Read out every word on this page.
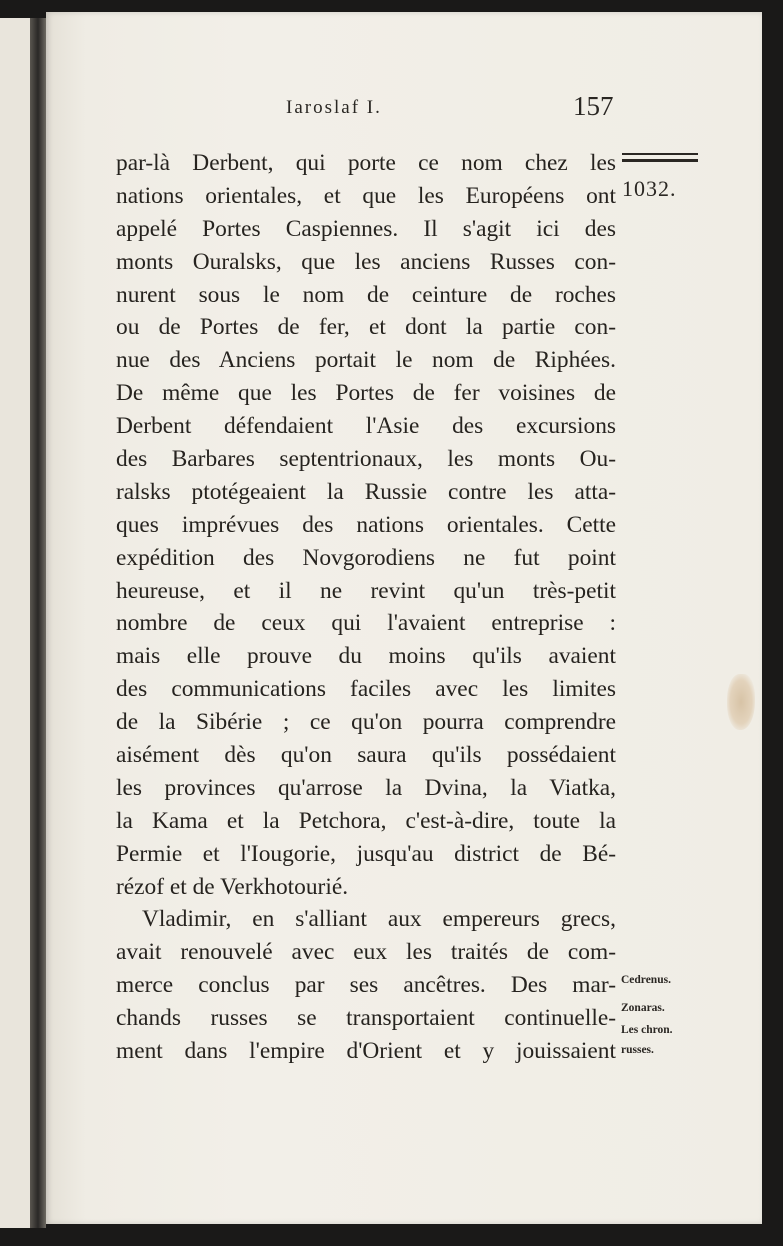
Iaroslaf I.	157
1032.
par-là Derbent, qui porte ce nom chez les
nations orientales, et que les Européens ont
appelé Portes Caspiennes. Il s'agit ici des
monts Ouralsks, que les anciens Russes con-
nurent sous le nom de ceinture de roches
ou de Portes de fer, et dont la partie con-
nue des Anciens portait le nom de Riphées.
De même que les Portes de fer voisines de
Derbent défendaient l'Asie des excursions
des Barbares septentrionaux, les monts Ou-
ralsks ptotégeaient la Russie contre les atta-
ques imprévues des nations orientales. Cette
expédition des Novgorodiens ne fut point
heureuse, et il ne revint qu'un très-petit
nombre de ceux qui l'avaient entreprise :
mais elle prouve du moins qu'ils avaient
des communications faciles avec les limites
de la Sibérie ; ce qu'on pourra comprendre
aisément dès qu'on saura qu'ils possédaient
les provinces qu'arrose la Dvina, la Viatka,
la Kama et la Petchora, c'est-à-dire, toute la
Permie et l'Iougorie, jusqu'au district de Bé-
rézof et de Verkhotourié.
Vladimir, en s'alliant aux empereurs grecs,
avait renouvelé avec eux les traités de com-
merce conclus par ses ancêtres. Des mar-
chands russes se transportaient continuelle-
ment dans l'empire d'Orient et y jouissaient
Cedrenus.
Zonaras.
Les chron.
russes.
